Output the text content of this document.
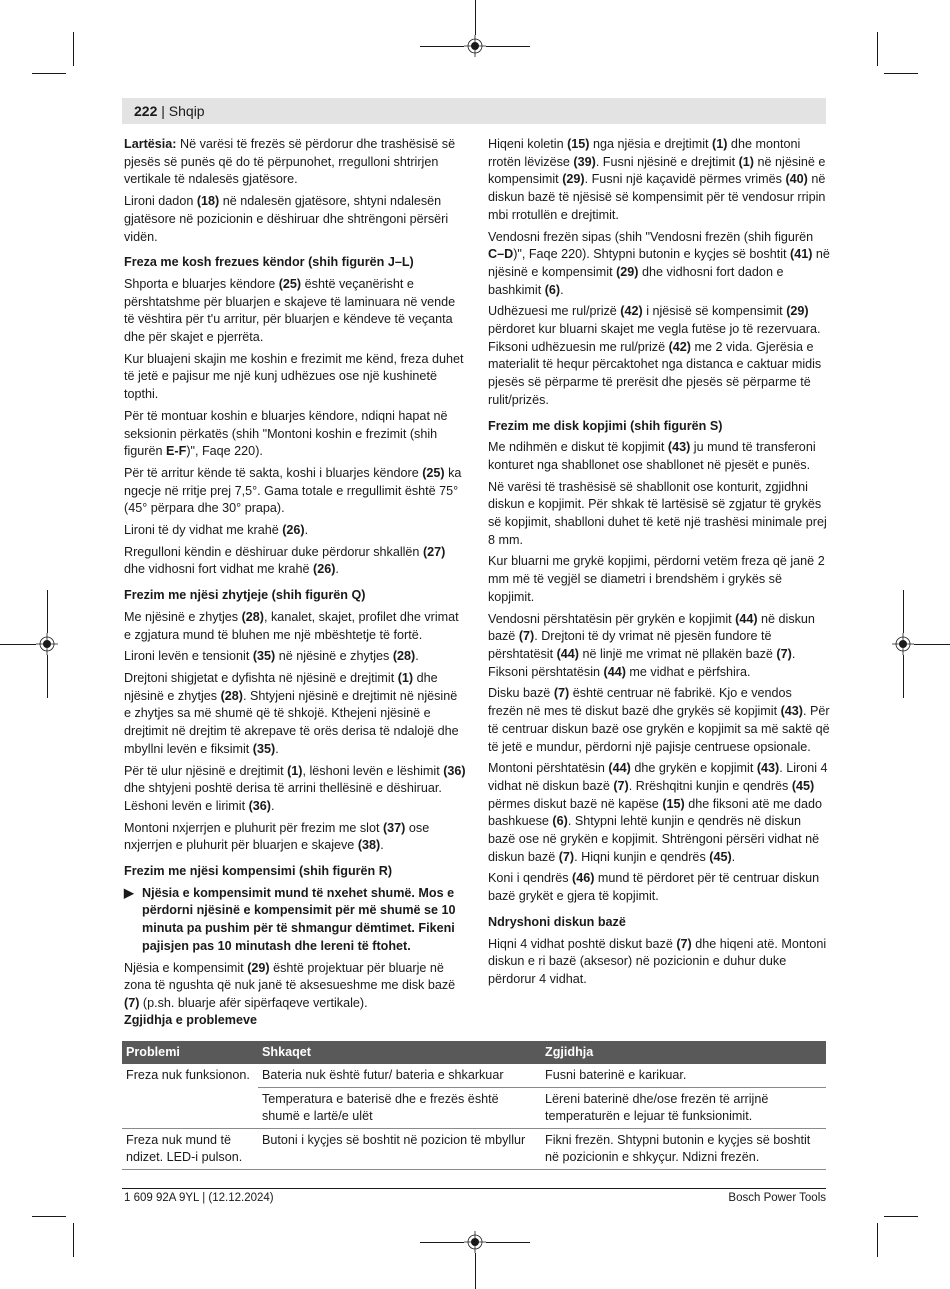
222 | Shqip

Lartësia: Në varësi të frezës së përdorur dhe trashësisë së pjesës së punës që do të përpunohet, rregulloni shtrirjen vertikale të ndalesës gjatësore.

Lironi dadon (18) në ndalesën gjatësore, shtyni ndalesën gjatësore në pozicionin e dëshiruar dhe shtrëngoni përsëri vidën.

Freza me kosh frezues këndor (shih figurën J–L)

Shporta e bluarjes këndore (25) është veçanërisht e përshtatshme për bluarjen e skajeve të laminuara në vende të vështira për t'u arritur, për bluarjen e këndeve të veçanta dhe për skajet e pjerrëta.

Kur bluajeni skajin me koshin e frezimit me kënd, freza duhet të jetë e pajisur me një kunj udhëzues ose një kushinetë topthi.

Për të montuar koshin e bluarjes këndore, ndiqni hapat në seksionin përkatës (shih "Montoni koshin e frezimit (shih figurën E-F)", Faqe 220).

Për të arritur kënde të sakta, koshi i bluarjes këndore (25) ka ngecje në rritje prej 7,5°. Gama totale e rregullimit është 75° (45° përpara dhe 30° prapa).

Lironi të dy vidhat me krahë (26).

Rregulloni këndin e dëshiruar duke përdorur shkallën (27) dhe vidhosni fort vidhat me krahë (26).

Frezim me njësi zhytjeje (shih figurën Q)

Me njësinë e zhytjes (28), kanalet, skajet, profilet dhe vrimat e zgjatura mund të bluhen me një mbështetje të fortë.

Lironi levën e tensionit (35) në njësinë e zhytjes (28).

Drejtoni shigjetat e dyfishta në njësinë e drejtimit (1) dhe njësinë e zhytjes (28). Shtyjeni njësinë e drejtimit në njësinë e zhytjes sa më shumë që të shkojë. Kthejeni njësinë e drejtimit në drejtim të akrepave të orës derisa të ndalojë dhe mbyllni levën e fiksimit (35).

Për të ulur njësinë e drejtimit (1), lëshoni levën e lëshimit (36) dhe shtyjeni poshtë derisa të arrini thellësinë e dëshiruar. Lëshoni levën e lirimit (36).

Montoni nxjerrjen e pluhurit për frezim me slot (37) ose nxjerrjen e pluhurit për bluarjen e skajeve (38).

Frezim me njësi kompensimi (shih figurën R)
▶ Njësia e kompensimit mund të nxehet shumë. Mos e përdorni njësinë e kompensimit për më shumë se 10 minuta pa pushim për të shmangur dëmtimet. Fikeni pajisjen pas 10 minutash dhe lereni të ftohet.

Njësia e kompensimit (29) është projektuar për bluarje në zona të ngushta që nuk janë të aksesueshme me disk bazë (7) (p.sh. bluarje afër sipërfaqeve vertikale).

Hiqeni koletin (15) nga njësia e drejtimit (1) dhe montoni rrotën lëvizëse (39). Fusni njësinë e drejtimit (1) në njësinë e kompensimit (29). Fusni një kaçavidë përmes vrimës (40) në diskun bazë të njësisë së kompensimit për të vendosur rripin mbi rrotullën e drejtimit.

Vendosni frezën sipas (shih "Vendosni frezën (shih figurën C–D)", Faqe 220). Shtypni butonin e kyçjes së boshtit (41) në njësinë e kompensimit (29) dhe vidhosni fort dadon e bashkimit (6).

Udhëzuesi me rul/prizë (42) i njësisë së kompensimit (29) përdoret kur bluarni skajet me vegla futëse jo të rezervuara. Fiksoni udhëzuesin me rul/prizë (42) me 2 vida. Gjerësia e materialit të hequr përcaktohet nga distanca e caktuar midis pjesës së përparme të prerësit dhe pjesës së përparme të rulit/prizës.

Frezim me disk kopjimi (shih figurën S)

Me ndihmën e diskut të kopjimit (43) ju mund të transferoni konturet nga shabllonet ose shabllonet në pjesët e punës.

Në varësi të trashësisë së shabllonit ose konturit, zgjidhni diskun e kopjimit. Për shkak të lartësisë së zgjatur të grykës së kopjimit, shablloni duhet të ketë një trashësi minimale prej 8 mm.

Kur bluarni me grykë kopjimi, përdorni vetëm freza që janë 2 mm më të vegjël se diametri i brendshëm i grykës së kopjimit.

Vendosni përshtatësin për grykën e kopjimit (44) në diskun bazë (7). Drejtoni të dy vrimat në pjesën fundore të përshtatësit (44) në linjë me vrimat në pllakën bazë (7). Fiksoni përshtatësin (44) me vidhat e përfshira.

Disku bazë (7) është centruar në fabrikë. Kjo e vendos frezën në mes të diskut bazë dhe grykës së kopjimit (43). Për të centruar diskun bazë ose grykën e kopjimit sa më saktë që të jetë e mundur, përdorni një pajisje centruese opsionale.

Montoni përshtatësin (44) dhe grykën e kopjimit (43). Lironi 4 vidhat në diskun bazë (7). Rrëshqitni kunjin e qendrës (45) përmes diskut bazë në kapëse (15) dhe fiksoni atë me dado bashkuese (6). Shtypni lehtë kunjin e qendrës në diskun bazë ose në grykën e kopjimit. Shtrëngoni përsëri vidhat në diskun bazë (7). Hiqni kunjin e qendrës (45).

Koni i qendrës (46) mund të përdoret për të centruar diskun bazë grykët e gjera të kopjimit.

Ndryshoni diskun bazë

Hiqni 4 vidhat poshtë diskut bazë (7) dhe hiqeni atë. Montoni diskun e ri bazë (aksesor) në pozicionin e duhur duke përdorur 4 vidhat.

Zgjidhja e problemeve
Problemi	Shkaqet	Zgjidhja
Freza nuk funksionon.	Bateria nuk është futur/ bateria e shkarkuar	Fusni baterinë e karikuar.
	Temperatura e baterisë dhe e frezës është shumë e lartë/e ulët	Lëreni baterinë dhe/ose frezën të arrijnë temperaturën e lejuar të funksionimit.
Freza nuk mund të ndizet. LED-i pulson.	Butoni i kyçjes së boshtit në pozicion të mbyllur	Fikni frezën. Shtypni butonin e kyçjes së boshtit në pozicionin e shkyçur. Ndizni frezën.
1 609 92A 9YL | (12.12.2024)	Bosch Power Tools
